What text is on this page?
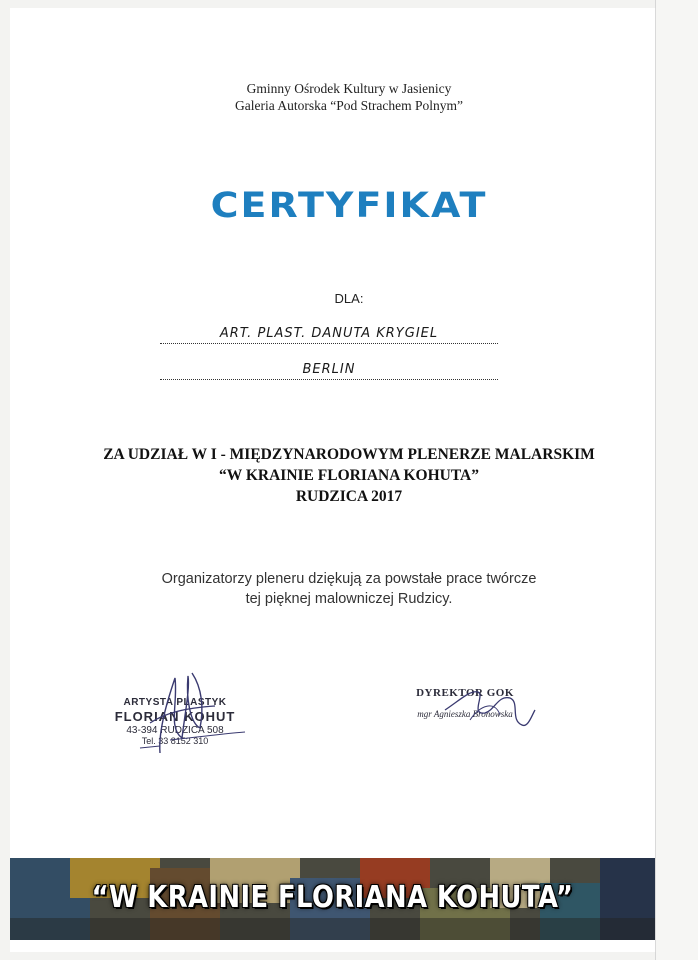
Gminny Ośrodek Kultury w Jasienicy
Galeria Autorska “Pod Strachem Polnym”
CERTYFIKAT
DLA:
ART. PLAST. DANUTA KRYGIEL
BERLIN
ZA UDZIAŁ W I - MIĘDZYNARODOWYM PLENERZE MALARSKIM
“W KRAINIE FLORIANA KOHUTA”
RUDZICA 2017
Organizatorzy pleneru dziękują za powstałe prace twórcze
tej pięknej malowniczej Rudzicy.
ARTYSTA PLASTYK
FLORIAN KOHUT
43-394 RUDZICA 508
Tel. 33 8152 310
DYREKTOR GOK
mgr Agnieszka Bronowska
“W KRAINIE FLORIANA KOHUTA”
